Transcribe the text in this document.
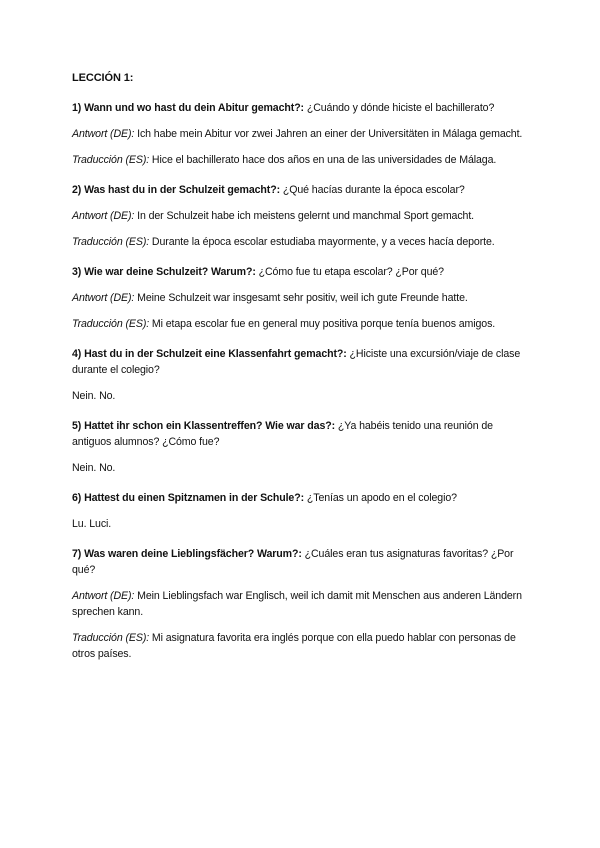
LECCIÓN 1:

1) Wann und wo hast du dein Abitur gemacht?: ¿Cuándo y dónde hiciste el bachillerato?

Antwort (DE): Ich habe mein Abitur vor zwei Jahren an einer der Universitäten in Málaga gemacht.

Traducción (ES): Hice el bachillerato hace dos años en una de las universidades de Málaga.

2) Was hast du in der Schulzeit gemacht?: ¿Qué hacías durante la época escolar?

Antwort (DE): In der Schulzeit habe ich meistens gelernt und manchmal Sport gemacht.

Traducción (ES): Durante la época escolar estudiaba mayormente, y a veces hacía deporte.

3) Wie war deine Schulzeit? Warum?: ¿Cómo fue tu etapa escolar? ¿Por qué?

Antwort (DE): Meine Schulzeit war insgesamt sehr positiv, weil ich gute Freunde hatte.

Traducción (ES): Mi etapa escolar fue en general muy positiva porque tenía buenos amigos.

4) Hast du in der Schulzeit eine Klassenfahrt gemacht?: ¿Hiciste una excursión/viaje de clase durante el colegio?

Nein. No.

5) Hattet ihr schon ein Klassentreffen? Wie war das?: ¿Ya habéis tenido una reunión de antiguos alumnos? ¿Cómo fue?

Nein. No.

6) Hattest du einen Spitznamen in der Schule?: ¿Tenías un apodo en el colegio?

Lu. Luci.

7) Was waren deine Lieblingsfächer? Warum?: ¿Cuáles eran tus asignaturas favoritas? ¿Por qué?

Antwort (DE): Mein Lieblingsfach war Englisch, weil ich damit mit Menschen aus anderen Ländern sprechen kann.

Traducción (ES): Mi asignatura favorita era inglés porque con ella puedo hablar con personas de otros países.
